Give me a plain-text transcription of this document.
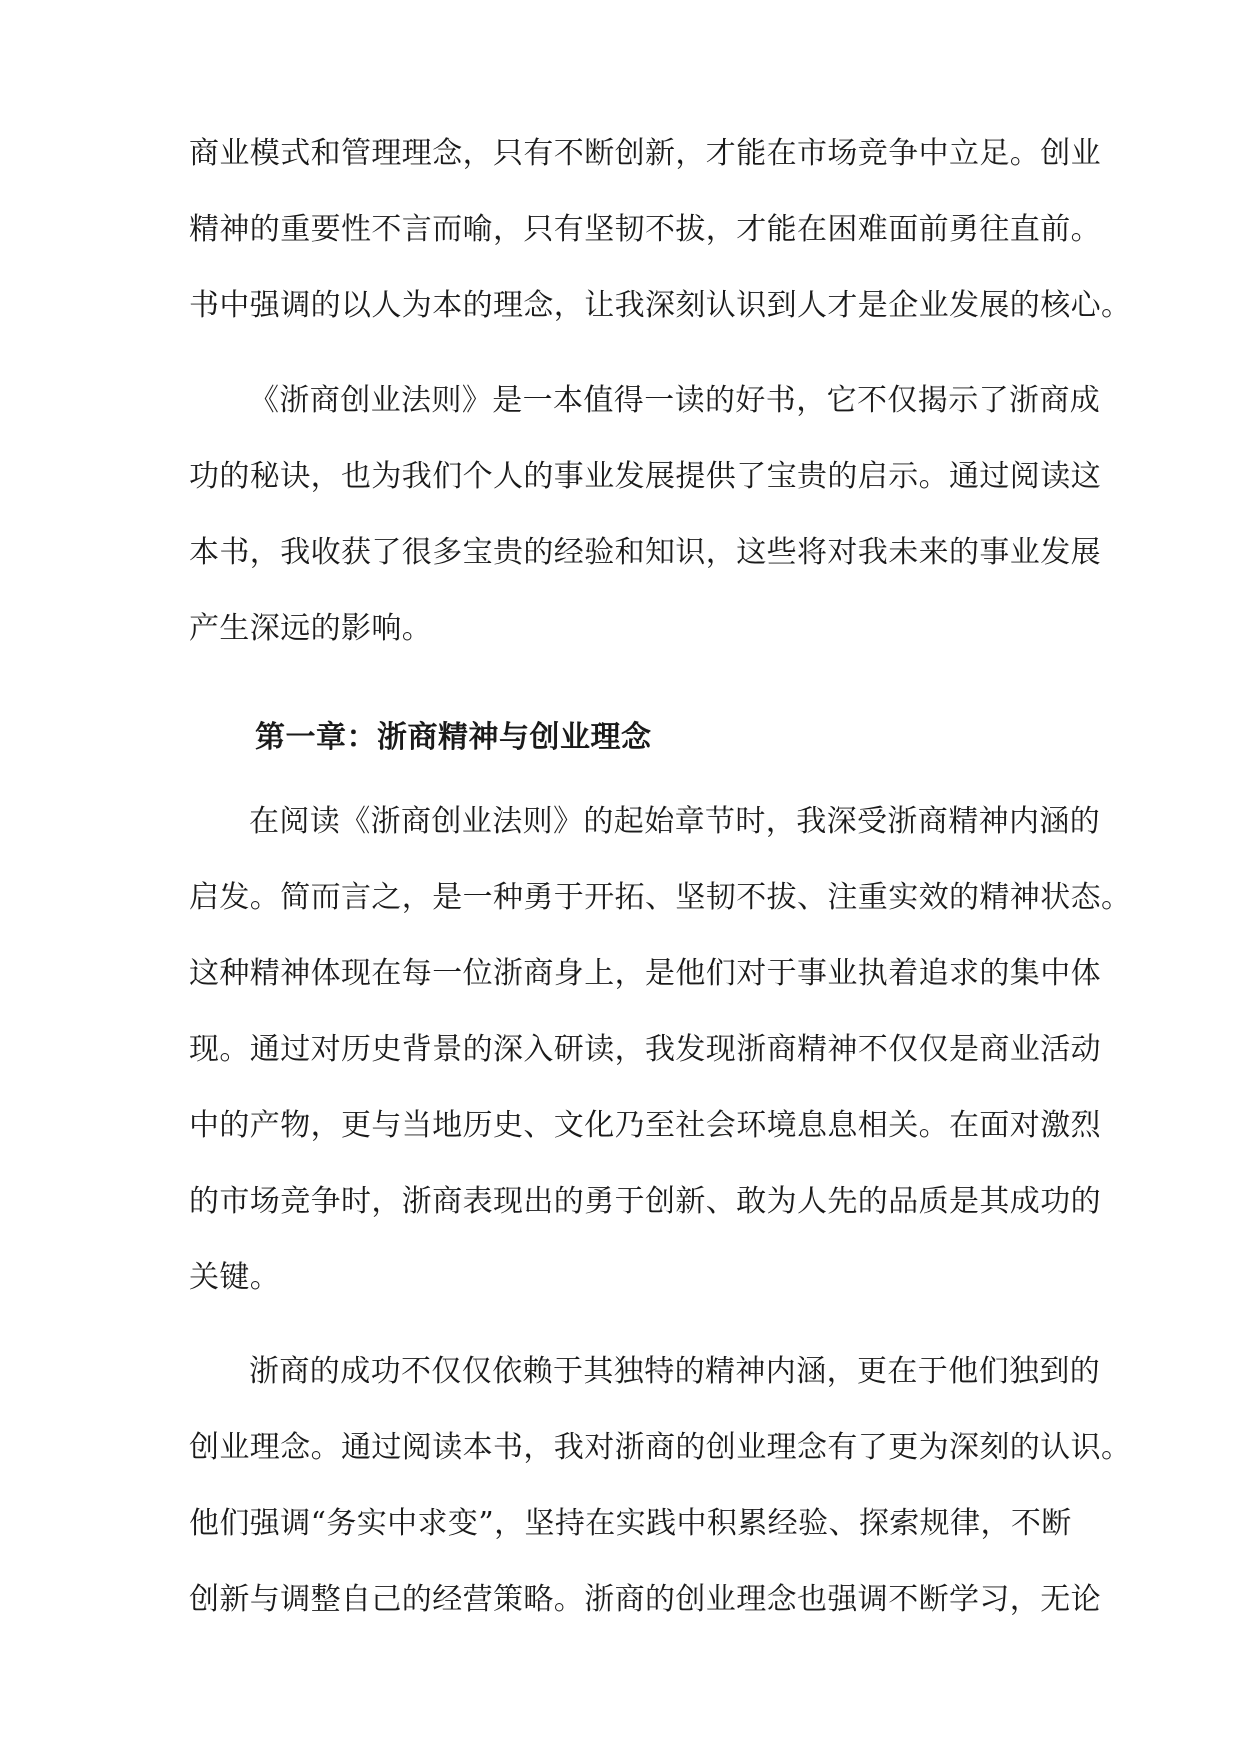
商业模式和管理理念，只有不断创新，才能在市场竞争中立足。创业
精神的重要性不言而喻，只有坚韧不拔，才能在困难面前勇往直前。
书中强调的以人为本的理念，让我深刻认识到人才是企业发展的核心。
《浙商创业法则》是一本值得一读的好书，它不仅揭示了浙商成
功的秘诀，也为我们个人的事业发展提供了宝贵的启示。通过阅读这
本书，我收获了很多宝贵的经验和知识，这些将对我未来的事业发展
产生深远的影响。
第一章：浙商精神与创业理念
在阅读《浙商创业法则》的起始章节时，我深受浙商精神内涵的
启发。简而言之，是一种勇于开拓、坚韧不拔、注重实效的精神状态。
这种精神体现在每一位浙商身上，是他们对于事业执着追求的集中体
现。通过对历史背景的深入研读，我发现浙商精神不仅仅是商业活动
中的产物，更与当地历史、文化乃至社会环境息息相关。在面对激烈
的市场竞争时，浙商表现出的勇于创新、敢为人先的品质是其成功的
关键。
浙商的成功不仅仅依赖于其独特的精神内涵，更在于他们独到的
创业理念。通过阅读本书，我对浙商的创业理念有了更为深刻的认识。
他们强调“务实中求变”，坚持在实践中积累经验、探索规律，不断
创新与调整自己的经营策略。浙商的创业理念也强调不断学习，无论
